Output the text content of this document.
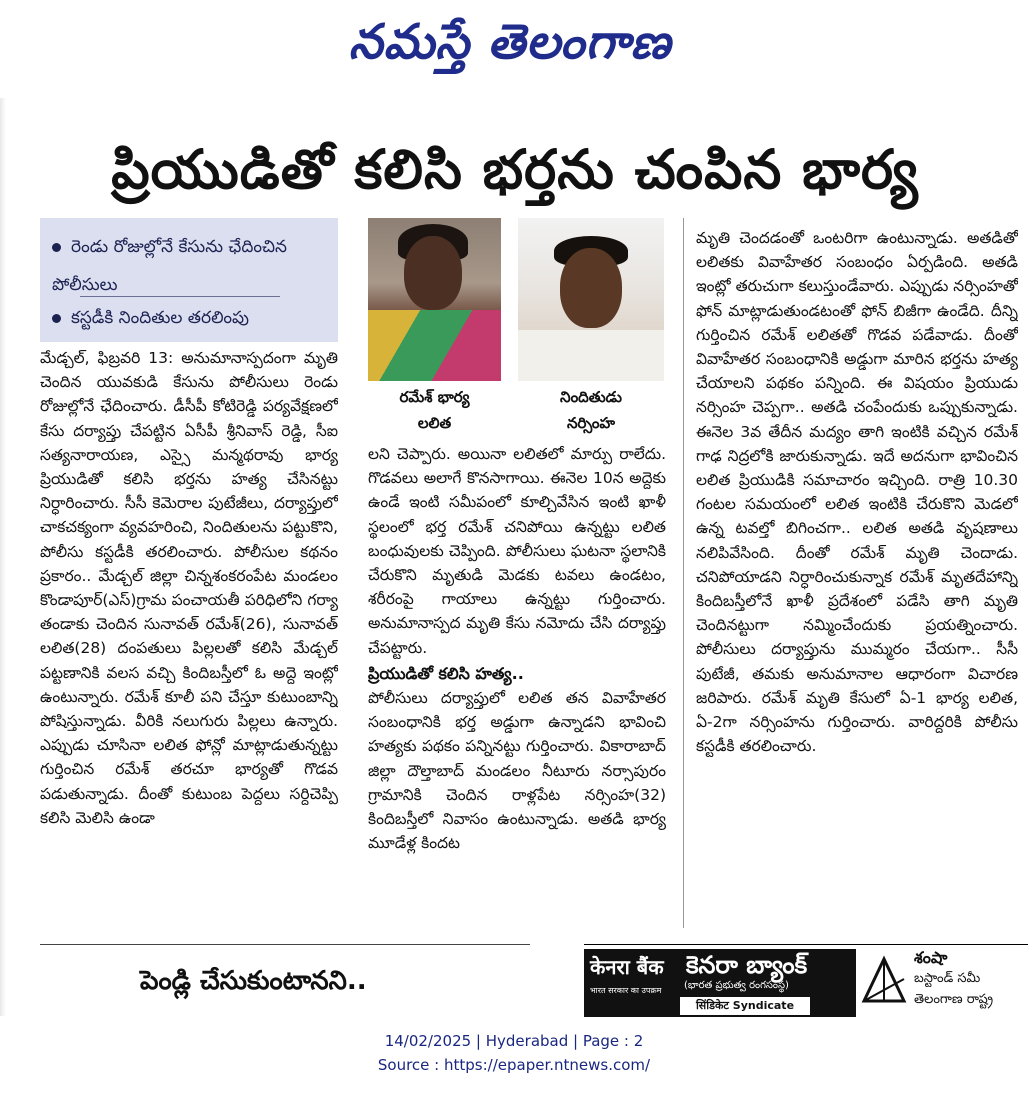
నమస్తే తెలంగాణ
ప్రియుడితో కలిసి భర్తను చంపిన భార్య
రెండు రోజుల్లోనే కేసును ఛేదించిన పోలీసులు
కస్టడీకి నిందితుల తరలింపు
రమేశ్ భార్య
లలిత
నిందితుడు
నర్సింహ

మేడ్చల్, ఫిబ్రవరి 13: అనుమానాస్పదంగా మృతి చెందిన యువకుడి కేసును పోలీసులు రెండు రోజుల్లోనే ఛేదించారు. డీసీపీ కోటిరెడ్డి పర్యవేక్షణలో కేసు దర్యాప్తు చేపట్టిన ఏసీపీ శ్రీనివాస్ రెడ్డి, సీఐ సత్యనారాయణ, ఎస్సై మన్మథరావు భార్య ప్రియుడితో కలిసి భర్తను హత్య చేసినట్టు నిర్ధారించారు. సీసీ కెమెరాల పుటేజీలు, దర్యాప్తులో చాకచక్యంగా వ్యవహరించి, నిందితులను పట్టుకొని, పోలీసు కస్టడీకి తరలించారు. పోలీసుల కథనం ప్రకారం.. మేడ్చల్ జిల్లా చిన్నశంకరంపేట మండలం కొండాపూర్(ఎస్)గ్రామ పంచాయతీ పరిధిలోని గర్యా తండాకు చెందిన సునావత్ రమేశ్(26), సునావత్ లలిత(28) దంపతులు పిల్లలతో కలిసి మేడ్చల్ పట్టణానికి వలస వచ్చి కిందిబస్తీలో ఓ అద్దె ఇంట్లో ఉంటున్నారు. రమేశ్ కూలీ పని చేస్తూ కుటుంబాన్ని పోషిస్తున్నాడు. వీరికి నలుగురు పిల్లలు ఉన్నారు. ఎప్పుడు చూసినా లలిత ఫోన్లో మాట్లాడుతున్నట్టు గుర్తించిన రమేశ్ తరచూ భార్యతో గొడవ పడుతున్నాడు. దీంతో కుటుంబ పెద్దలు సర్దిచెప్పి కలిసి మెలిసి ఉండా

లని చెప్పారు. అయినా లలితలో మార్పు రాలేదు. గొడవలు అలాగే కొనసాగాయి. ఈనెల 10న అద్దెకు ఉండే ఇంటి సమీపంలో కూల్చివేసిన ఇంటి ఖాళీ స్థలంలో భర్త రమేశ్ చనిపోయి ఉన్నట్టు లలిత బంధువులకు చెప్పింది. పోలీసులు ఘటనా స్థలానికి చేరుకొని మృతుడి మెడకు టవలు ఉండటం, శరీరంపై గాయాలు ఉన్నట్టు గుర్తించారు. అనుమానాస్పద మృతి కేసు నమోదు చేసి దర్యాప్తు చేపట్టారు.

ప్రియుడితో కలిసి హత్య..

పోలీసులు దర్యాప్తులో లలిత తన వివాహేతర సంబంధానికి భర్త అడ్డుగా ఉన్నాడని భావించి హత్యకు పథకం పన్నినట్టు గుర్తించారు. వికారాబాద్ జిల్లా దౌల్తాబాద్ మండలం నీటూరు నర్సాపురం గ్రామానికి చెందిన రాళ్లపేట నర్సింహ(32) కిందిబస్తీలో నివాసం ఉంటున్నాడు. అతడి భార్య మూడేళ్ల కిందట

మృతి చెందడంతో ఒంటరిగా ఉంటున్నాడు. అతడితో లలితకు వివాహేతర సంబంధం ఏర్పడింది. అతడి ఇంట్లో తరుచుగా కలుస్తుండేవారు. ఎప్పుడు నర్సింహతో ఫోన్ మాట్లాడుతుండటంతో ఫోన్ బిజీగా ఉండేది. దీన్ని గుర్తించిన రమేశ్ లలితతో గొడవ పడేవాడు. దీంతో వివాహేతర సంబంధానికి అడ్డుగా మారిన భర్తను హత్య చేయాలని పథకం పన్నింది. ఈ విషయం ప్రియుడు నర్సింహ చెప్పగా.. అతడి చంపేందుకు ఒప్పుకున్నాడు. ఈనెల 3వ తేదీన మద్యం తాగి ఇంటికి వచ్చిన రమేశ్ గాఢ నిద్రలోకి జారుకున్నాడు. ఇదే అదనుగా భావించిన లలిత ప్రియుడికి సమాచారం ఇచ్చింది. రాత్రి 10.30 గంటల సమయంలో లలిత ఇంటికి చేరుకొని మెడలో ఉన్న టవల్తో బిగించగా.. లలిత అతడి వృషణాలు నలిపివేసింది. దీంతో రమేశ్ మృతి చెందాడు. చనిపోయాడని నిర్ధారించుకున్నాక రమేశ్ మృతదేహాన్ని కిందిబస్తీలోనే ఖాళీ ప్రదేశంలో పడేసి తాగి మృతి చెందినట్టుగా నమ్మించేందుకు ప్రయత్నించారు. పోలీసులు దర్యాప్తును ముమ్మరం చేయగా.. సీసీ పుటేజీ, తమకు అనుమానాల ఆధారంగా విచారణ జరిపారు. రమేశ్ మృతి కేసులో ఏ-1 భార్య లలిత, ఏ-2గా నర్సింహను గుర్తించారు. వారిద్దరికి పోలీసు కస్టడీకి తరలించారు.

పెండ్లి చేసుకుంటానని..	केनरा बैंक కెనరా బ్యాంక్
भारत सरकार का उपक्रम (భారత ప్రభుత్వ రంగసంస్థ)
सिंडिकेट Syndicate
శంషా
బస్టాండ్ సమీ
తెలంగాణ రాష్ట్ర
14/02/2025 | Hyderabad | Page : 2
Source : https://epaper.ntnews.com/
